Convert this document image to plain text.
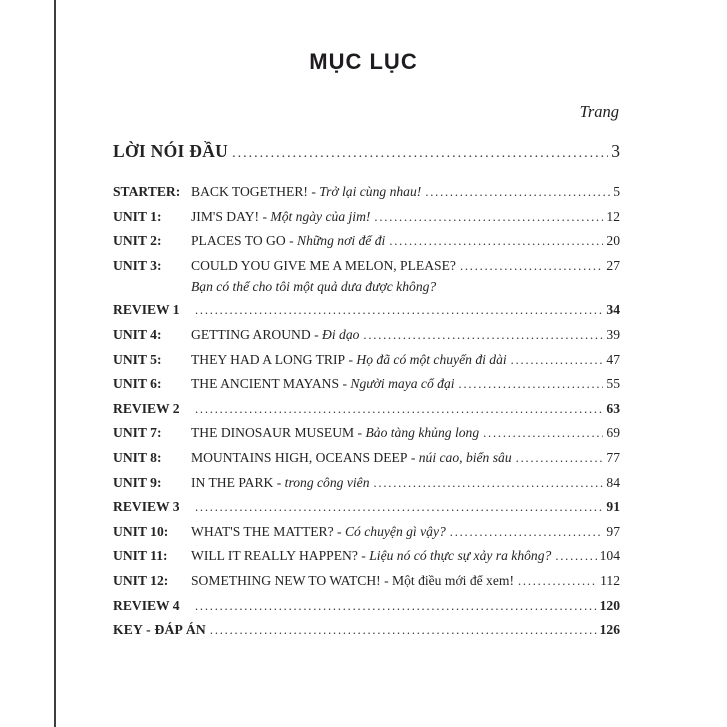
MỤC LỤC
Trang
LỜI NÓI ĐẦU .....	3
STARTER: BACK TOGETHER! - Trở lại cùng nhau! .....	5
UNIT 1:	JIM'S DAY! - Một ngày của jim! .....	12
UNIT 2:	PLACES TO GO - Những nơi để đi .....	20
UNIT 3:	COULD YOU GIVE ME A MELON, PLEASE? .....	27
Bạn có thể cho tôi một quả dưa được không?
REVIEW 1 .....	34
UNIT 4:	GETTING AROUND - Đi dạo .....	39
UNIT 5:	THEY HAD A LONG TRIP - Họ đã có một chuyến đi dài .....	47
UNIT 6:	THE ANCIENT MAYANS - Người maya cổ đại .....	55
REVIEW 2 .....	63
UNIT 7:	THE DINOSAUR MUSEUM - Bảo tàng khủng long .....	69
UNIT 8:	MOUNTAINS HIGH, OCEANS DEEP - núi cao, biển sâu .....	77
UNIT 9:	IN THE PARK - trong công viên .....	84
REVIEW 3 .....	91
UNIT 10:	WHAT'S THE MATTER? - Có chuyện gì vậy? .....	97
UNIT 11:	WILL IT REALLY HAPPEN? - Liệu nó có thực sự xảy ra không? .....	104
UNIT 12:	SOMETHING NEW TO WATCH! - Một điều mới để xem! .....	112
REVIEW 4 .....	120
KEY - ĐÁP ÁN .....	126
